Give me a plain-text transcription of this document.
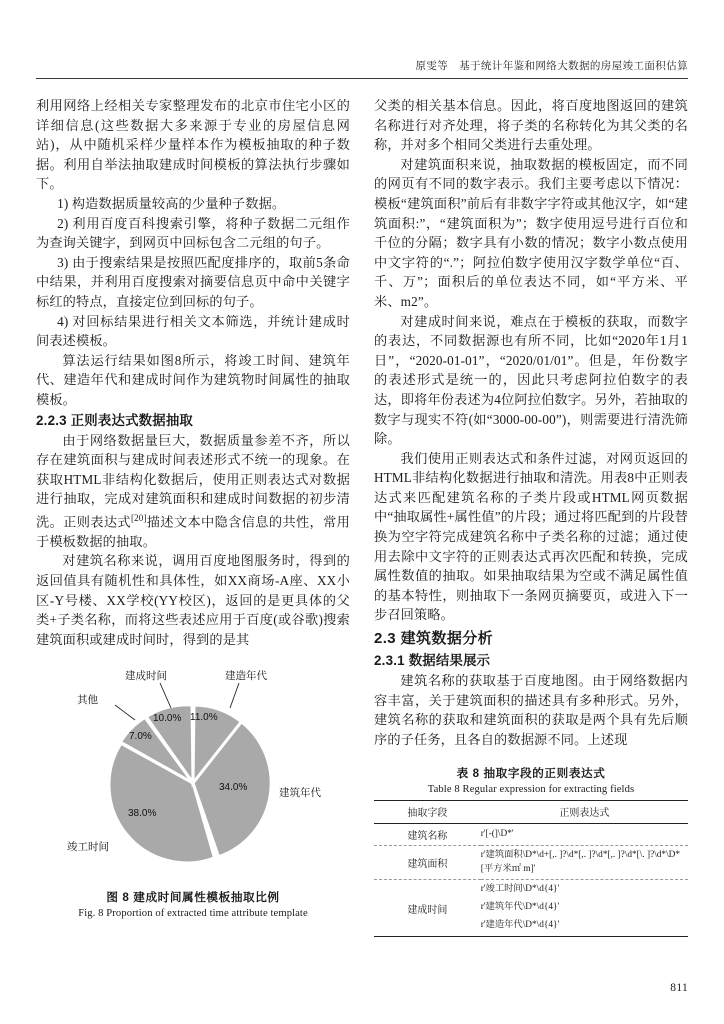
原雯等　基于统计年鉴和网络大数据的房屋竣工面积估算

利用网络上经相关专家整理发布的北京市住宅小区的详细信息(这些数据大多来源于专业的房屋信息网站)，从中随机采样少量样本作为模板抽取的种子数据。利用自举法抽取建成时间模板的算法执行步骤如下。

1) 构造数据质量较高的少量种子数据。

2) 利用百度百科搜索引擎，将种子数据二元组作为查询关键字，到网页中回标包含二元组的句子。

3) 由于搜索结果是按照匹配度排序的，取前5条命中结果，并利用百度搜索对摘要信息页中命中关键字标红的特点，直接定位到回标的句子。

4) 对回标结果进行相关文本筛选，并统计建成时间表述模板。

算法运行结果如图8所示，将竣工时间、建筑年代、建造年代和建成时间作为建筑物时间属性的抽取模板。

2.2.3 正则表达式数据抽取

由于网络数据量巨大，数据质量参差不齐，所以存在建筑面积与建成时间表述形式不统一的现象。在获取HTML非结构化数据后，使用正则表达式对数据进行抽取，完成对建筑面积和建成时间数据的初步清洗。正则表达式[20]描述文本中隐含信息的共性，常用于模板数据的抽取。

对建筑名称来说，调用百度地图服务时，得到的返回值具有随机性和具体性，如XX商场-A座、XX小区-Y号楼、XX学校(YY校区)，返回的是更具体的父类+子类名称，而将这些表述应用于百度(或谷歌)搜索建筑面积或建成时间时，得到的是其

建成时间	建造年代
其他
建筑年代
竣工时间
10.0% 11.0%
7.0%
34.0%
38.0%
图 8 建成时间属性模板抽取比例
Fig. 8 Proportion of extracted time attribute template

父类的相关基本信息。因此，将百度地图返回的建筑名称进行对齐处理，将子类的名称转化为其父类的名称，并对多个相同父类进行去重处理。

对建筑面积来说，抽取数据的模板固定，而不同的网页有不同的数字表示。我们主要考虑以下情况：模板“建筑面积”前后有非数字字符或其他汉字，如“建筑面积:”，“建筑面积为”；数字使用逗号进行百位和千位的分隔；数字具有小数的情况；数字小数点使用中文字符的“.”；阿拉伯数字使用汉字数学单位“百、千、万”；面积后的单位表达不同，如“平方米、平米、m2”。

对建成时间来说，难点在于模板的获取，而数字的表达，不同数据源也有所不同，比如“2020年1月1日”，“2020-01-01”，“2020/01/01”。但是，年份数字的表述形式是统一的，因此只考虑阿拉伯数字的表达，即将年份表述为4位阿拉伯数字。另外，若抽取的数字与现实不符(如“3000-00-00”)，则需要进行清洗筛除。

我们使用正则表达式和条件过滤，对网页返回的HTML非结构化数据进行抽取和清洗。用表8中正则表达式来匹配建筑名称的子类片段或HTML网页数据中“抽取属性+属性值”的片段；通过将匹配到的片段替换为空字符完成建筑名称中子类名称的过滤；通过使用去除中文字符的正则表达式再次匹配和转换，完成属性数值的抽取。如果抽取结果为空或不满足属性值的基本特性，则抽取下一条网页摘要页，或进入下一步召回策略。

2.3 建筑数据分析
2.3.1 数据结果展示

建筑名称的获取基于百度地图。由于网络数据内容丰富，关于建筑面积的描述具有多种形式。另外，建筑名称的获取和建筑面积的获取是两个具有先后顺序的子任务，且各自的数据源不同。上述现

表 8 抽取字段的正则表达式
Table 8 Regular expression for extracting fields
抽取字段	正则表达式
建筑名称	r'[-(]\D*'

建筑面积	r'建筑面积\D*\d+[,. ]?\d*[,. ]?\d*[,. ]?\d*[\. ]?\d*\D*[平方米㎡ m]'

建成时间	r'竣工时间\D*\d{4}'
r'建筑年代\D*\d{4}'
r'建造年代\D*\d{4}'
811
